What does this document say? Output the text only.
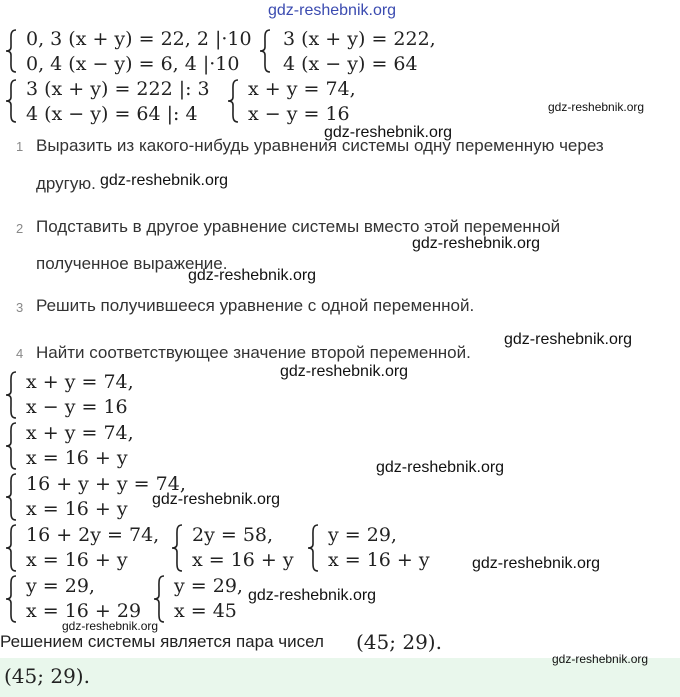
gdz-reshebnik.org
0, 3 (x + y) = 22, 2 |·10
0, 4 (x − y) = 6, 4 |·10
3 (x + y) = 222,
4 (x − y) = 64
3 (x + y) = 222 |: 3
4 (x − y) = 64 |: 4
x + y = 74,
x − y = 16	gdz-reshebnik.org
gdz-reshebnik.org
1 Выразить из какого-нибудь уравнения системы одну переменную через
другую. gdz-reshebnik.org
2 Подставить в другое уравнение системы вместо этой переменной
gdz-reshebnik.org
полученное выражение.
gdz-reshebnik.org
3 Решить получившееся уравнение с одной переменной.
gdz-reshebnik.org
4 Найти соответствующее значение второй переменной.
x + y = 74,
x − y = 16
gdz-reshebnik.org
x + y = 74,
x = 16 + y	gdz-reshebnik.org
16 + y + y = 74,
x = 16 + y gdz-reshebnik.org
16 + 2y = 74,
x = 16 + y
2y = 58,
x = 16 + y
y = 29,
x = 16 + y	gdz-reshebnik.org
y = 29,
x = 16 + 29
y = 29,
x = 45
gdz-reshebnik.org
gdz-reshebnik.org
Решением системы является пара чисел (45; 29).
gdz-reshebnik.org
(45; 29).
